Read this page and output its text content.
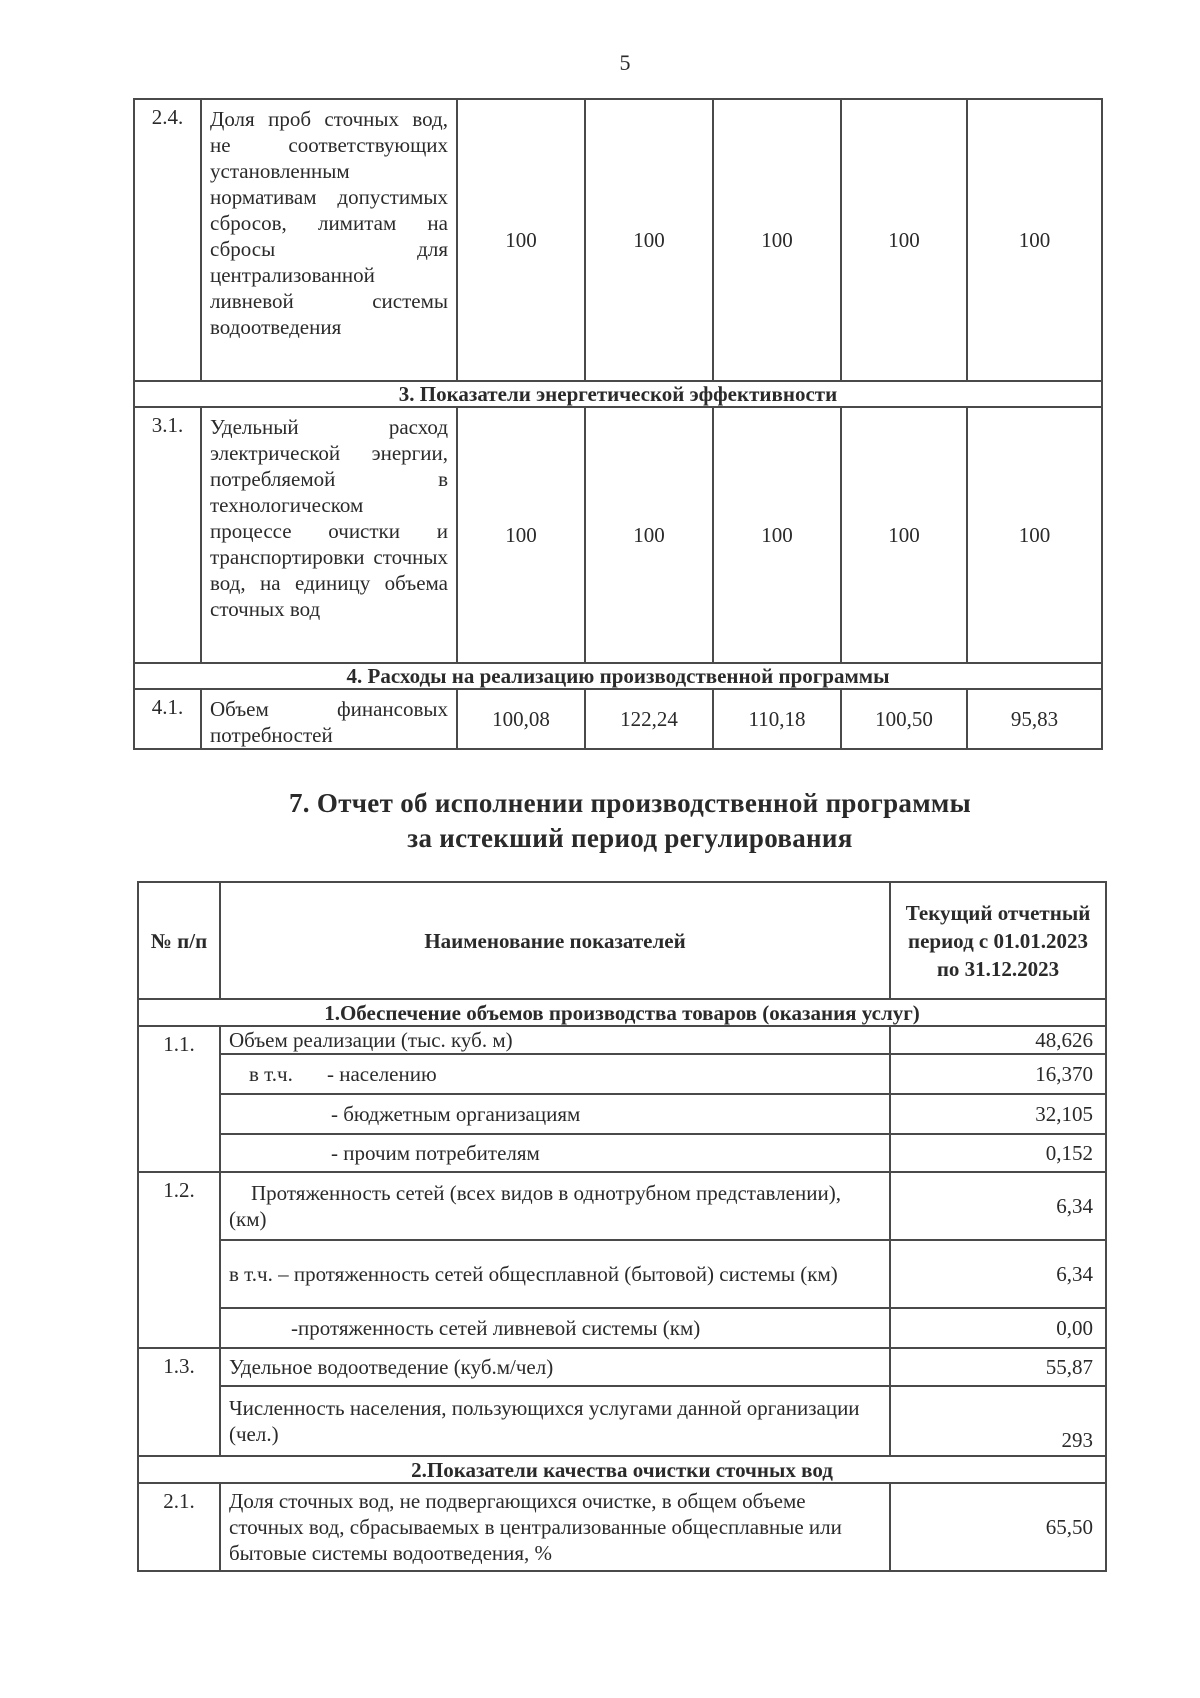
5
2.4.	Доля проб сточных вод, не соответствующих установленным нормативам допустимых сбросов, лимитам на сбросы для централизованной ливневой системы водоотведения	100	100	100	100	100
3. Показатели энергетической эффективности						
3.1.	Удельный расход электрической энергии, потребляемой в технологическом процессе очистки и транспортировки сточных вод, на единицу объема сточных вод	100	100	100	100	100
4. Расходы на реализацию производственной программы						
4.1.	Объем финансовых потребностей	100,08	122,24	110,18	100,50	95,83
7. Отчет об исполнении производственной программы
за истекший период регулирования
№ п/п	Наименование показателей	Текущий отчетный период с 01.01.2023 по 31.12.2023
1.Обеспечение объемов производства товаров (оказания услуг)		
1.1.	Объем реализации (тыс. куб. м)	48,626
	в т.ч. - населению	16,370
	- бюджетным организациям	32,105
	- прочим потребителям	0,152
1.2.	Протяженность сетей (всех видов в однотрубном представлении), (км)	6,34
	в т.ч. – протяженность сетей общесплавной (бытовой) системы (км)	6,34
	-протяженность сетей ливневой системы (км)	0,00
1.3.	Удельное водоотведение (куб.м/чел)	55,87
	Численность населения, пользующихся услугами данной организации (чел.)	293
2.Показатели качества очистки сточных вод		
2.1.	Доля сточных вод, не подвергающихся очистке, в общем объеме сточных вод, сбрасываемых в централизованные общесплавные или бытовые системы водоотведения, %	65,50
